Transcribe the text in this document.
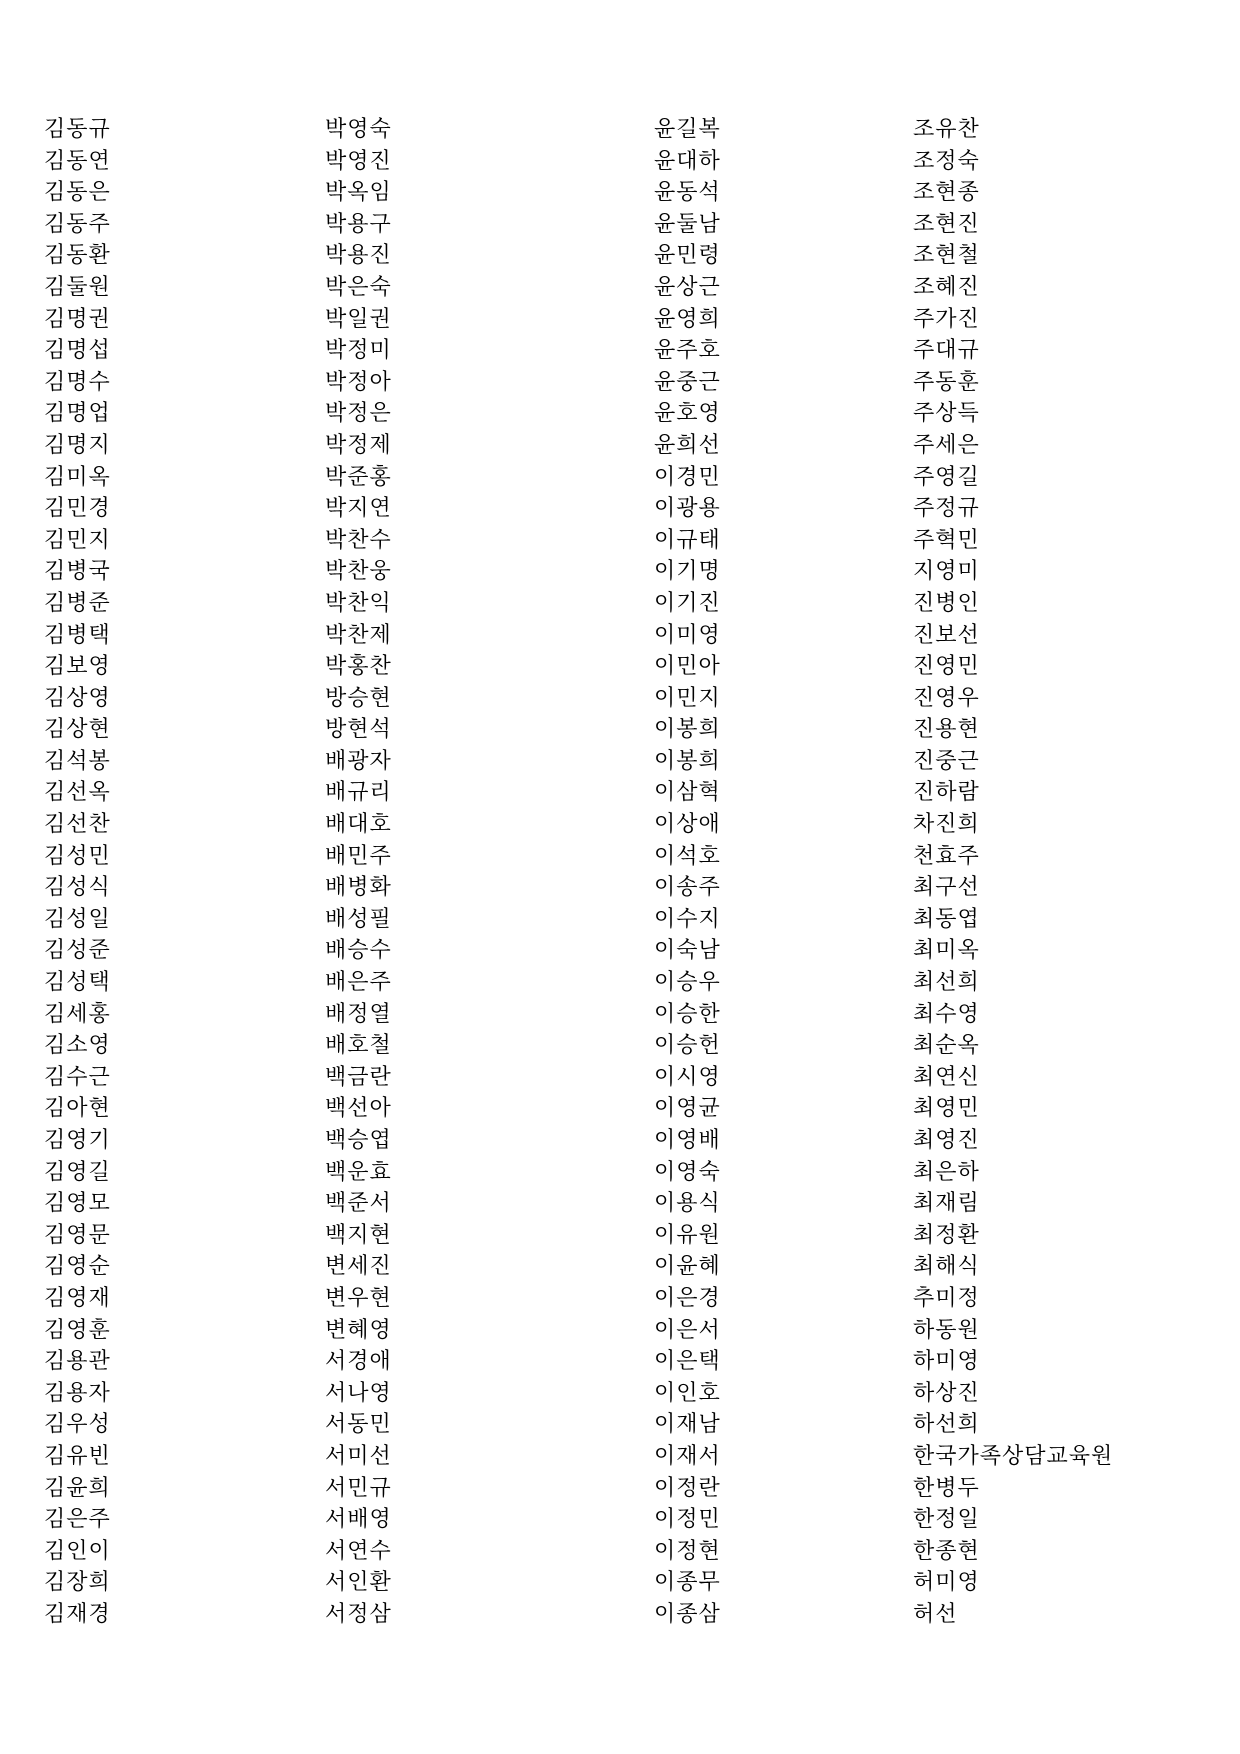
김동규
김동연
김동은
김동주
김동환
김둘원
김명권
김명섭
김명수
김명업
김명지
김미옥
김민경
김민지
김병국
김병준
김병택
김보영
김상영
김상현
김석봉
김선옥
김선찬
김성민
김성식
김성일
김성준
김성택
김세홍
김소영
김수근
김아현
김영기
김영길
김영모
김영문
김영순
김영재
김영훈
김용관
김용자
김우성
김유빈
김윤희
김은주
김인이
김장희
김재경
박영숙
박영진
박옥임
박용구
박용진
박은숙
박일권
박정미
박정아
박정은
박정제
박준홍
박지연
박찬수
박찬웅
박찬익
박찬제
박홍찬
방승현
방현석
배광자
배규리
배대호
배민주
배병화
배성필
배승수
배은주
배정열
배호철
백금란
백선아
백승엽
백운효
백준서
백지현
변세진
변우현
변혜영
서경애
서나영
서동민
서미선
서민규
서배영
서연수
서인환
서정삼
윤길복
윤대하
윤동석
윤둘남
윤민령
윤상근
윤영희
윤주호
윤중근
윤호영
윤희선
이경민
이광용
이규태
이기명
이기진
이미영
이민아
이민지
이봉희
이봉희
이삼혁
이상애
이석호
이송주
이수지
이숙남
이승우
이승한
이승헌
이시영
이영균
이영배
이영숙
이용식
이유원
이윤혜
이은경
이은서
이은택
이인호
이재남
이재서
이정란
이정민
이정현
이종무
이종삼
조유찬
조정숙
조현종
조현진
조현철
조혜진
주가진
주대규
주동훈
주상득
주세은
주영길
주정규
주혁민
지영미
진병인
진보선
진영민
진영우
진용현
진중근
진하람
차진희
천효주
최구선
최동엽
최미옥
최선희
최수영
최순옥
최연신
최영민
최영진
최은하
최재림
최정환
최해식
추미정
하동원
하미영
하상진
하선희
한국가족상담교육원
한병두
한정일
한종현
허미영
허선
